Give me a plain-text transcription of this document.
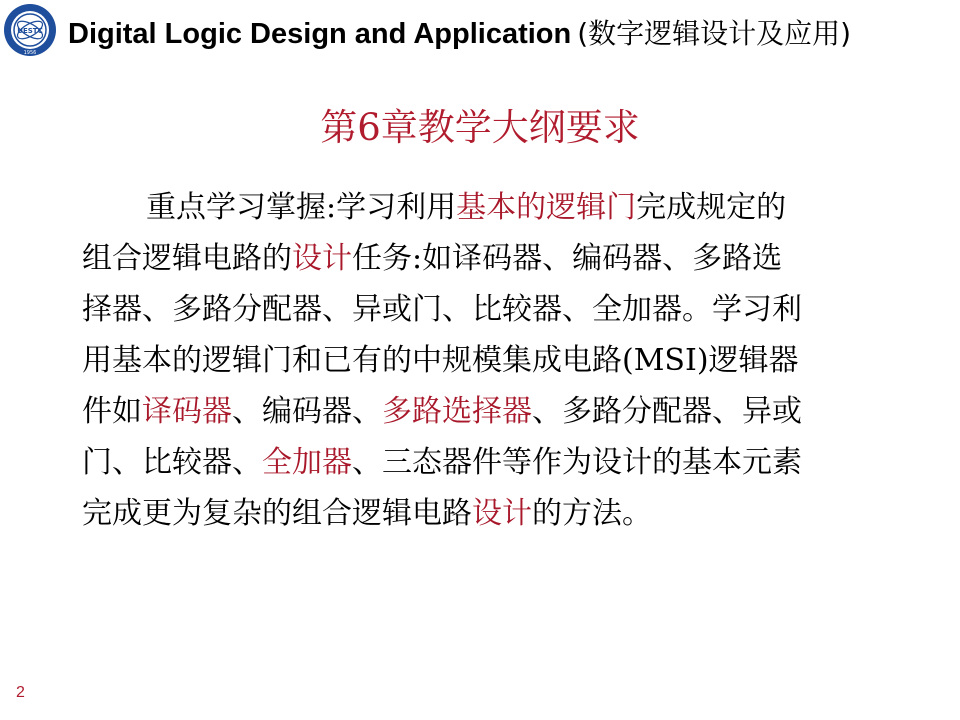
UESTC
1956
Digital Logic Design and Application (数字逻辑设计及应用)
第6章教学大纲要求
重点学习掌握:学习利用基本的逻辑门完成规定的
组合逻辑电路的设计任务:如译码器、编码器、多路选
择器、多路分配器、异或门、比较器、全加器。学习利
用基本的逻辑门和已有的中规模集成电路(MSI)逻辑器
件如译码器、编码器、多路选择器、多路分配器、异或
门、比较器、全加器、三态器件等作为设计的基本元素
完成更为复杂的组合逻辑电路设计的方法。
2
